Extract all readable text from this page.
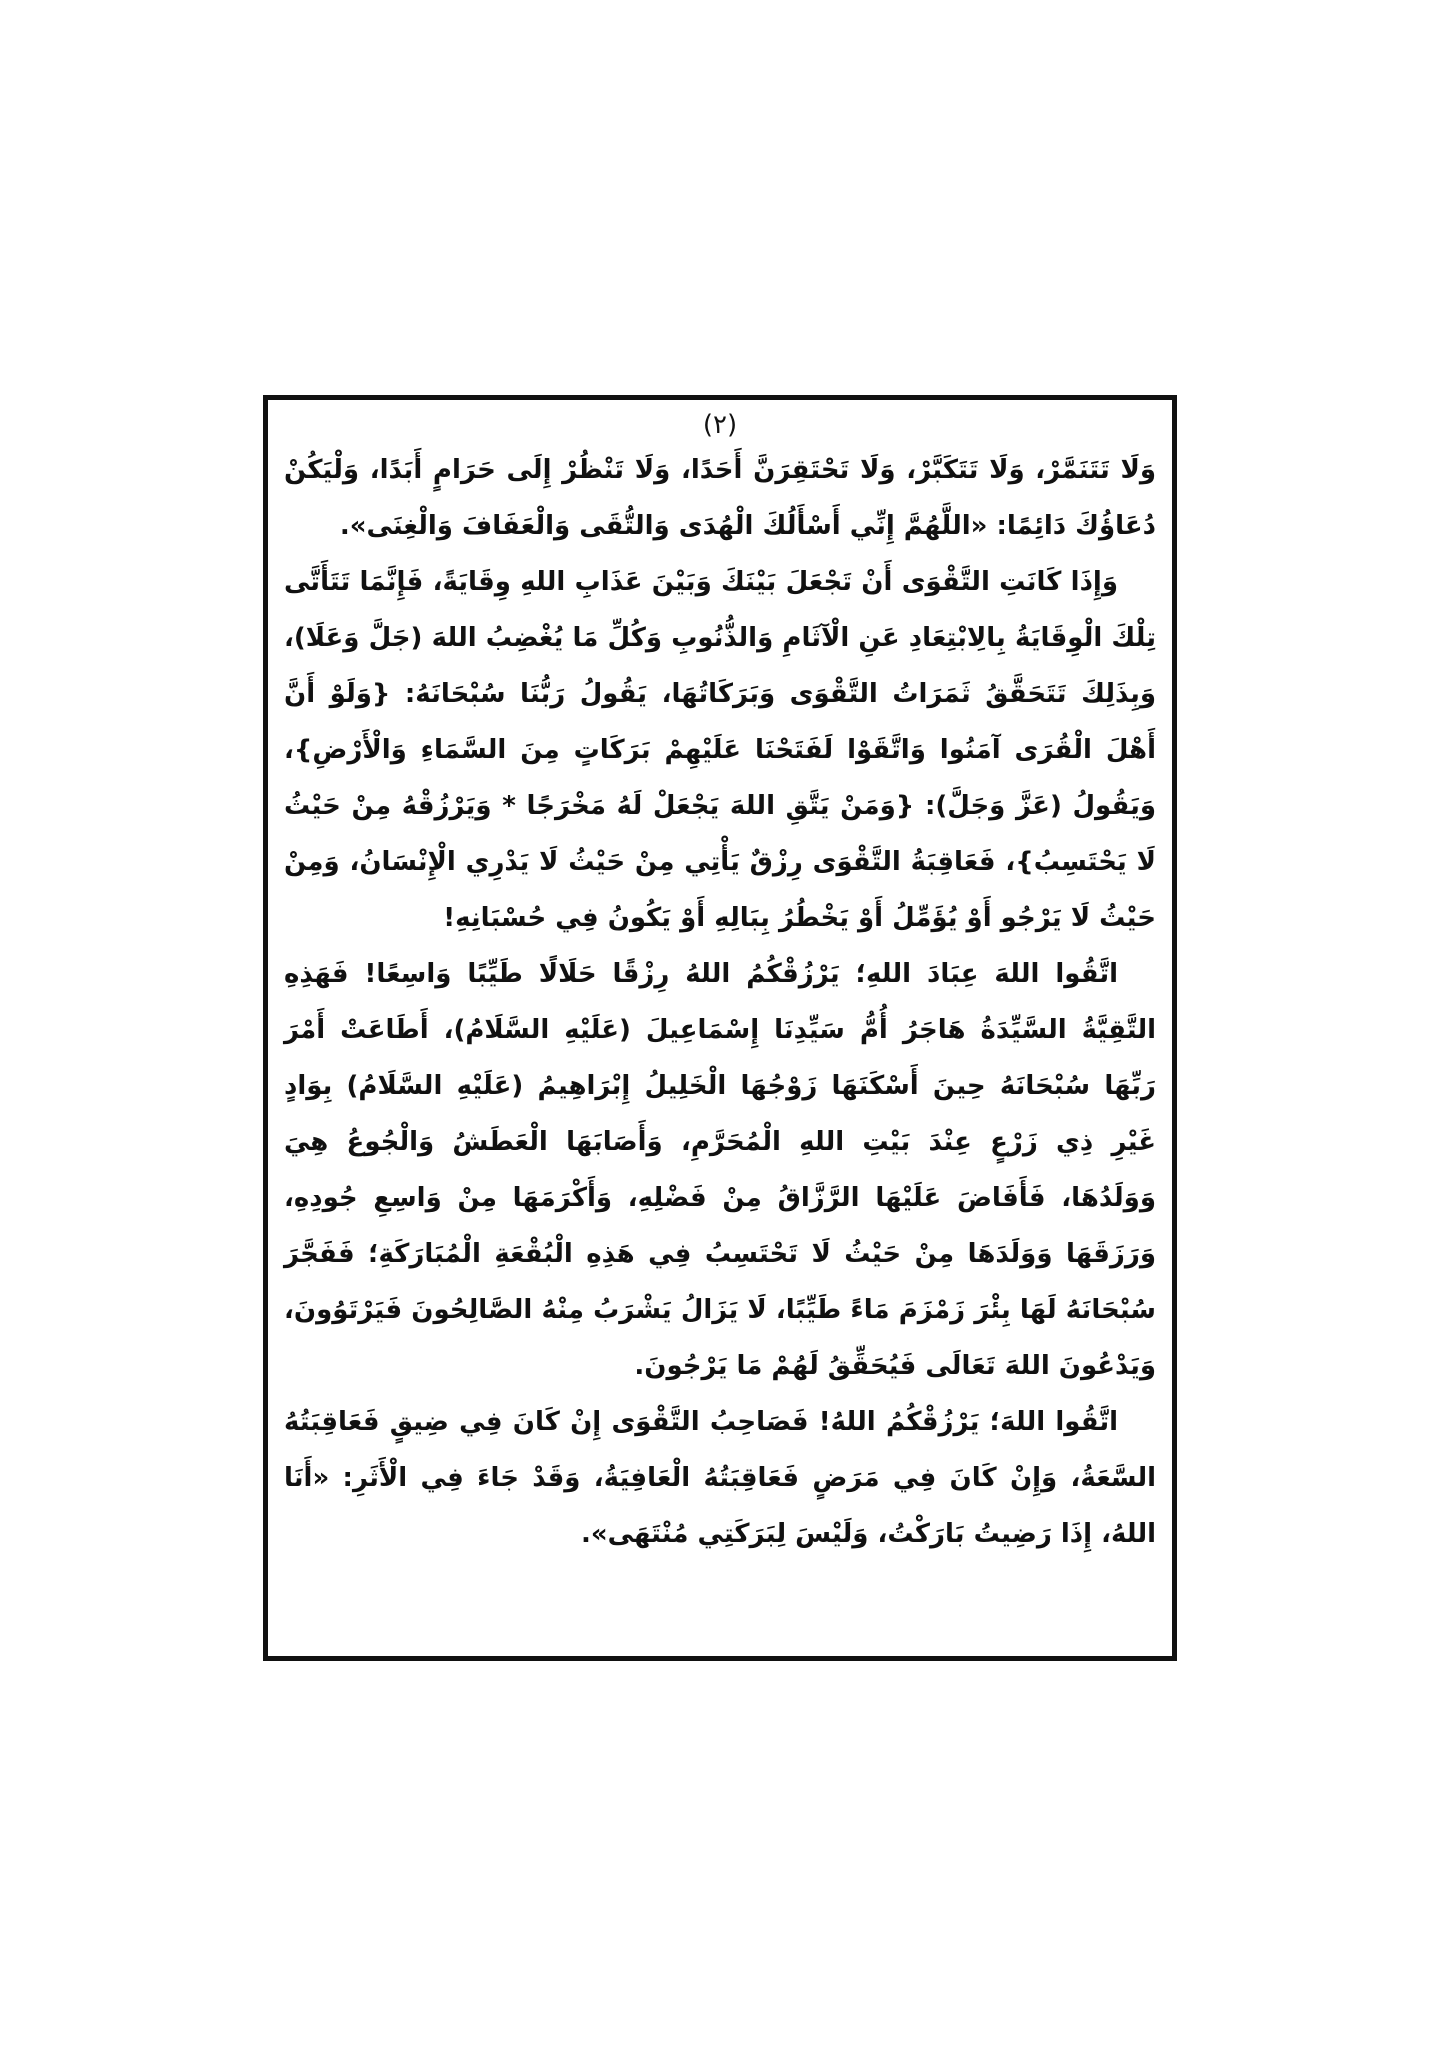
(٢)

وَلَا تَتَنَمَّرْ، وَلَا تَتَكَبَّرْ، وَلَا تَحْتَقِرَنَّ أَحَدًا، وَلَا تَنْظُرْ إِلَى حَرَامٍ أَبَدًا، وَلْيَكُنْ دُعَاؤُكَ دَائِمًا: «اللَّهُمَّ إِنِّي أَسْأَلُكَ الْهُدَى وَالتُّقَى وَالْعَفَافَ وَالْغِنَى».

وَإِذَا كَانَتِ التَّقْوَى أَنْ تَجْعَلَ بَيْنَكَ وَبَيْنَ عَذَابِ اللهِ وِقَايَةً، فَإِنَّمَا تَتَأَتَّى تِلْكَ الْوِقَايَةُ بِالِابْتِعَادِ عَنِ الْآثَامِ وَالذُّنُوبِ وَكُلِّ مَا يُغْضِبُ اللهَ (جَلَّ وَعَلَا)، وَبِذَلِكَ تَتَحَقَّقُ ثَمَرَاتُ التَّقْوَى وَبَرَكَاتُهَا، يَقُولُ رَبُّنَا سُبْحَانَهُ: {وَلَوْ أَنَّ أَهْلَ الْقُرَى آمَنُوا وَاتَّقَوْا لَفَتَحْنَا عَلَيْهِمْ بَرَكَاتٍ مِنَ السَّمَاءِ وَالْأَرْضِ}، وَيَقُولُ (عَزَّ وَجَلَّ): {وَمَنْ يَتَّقِ اللهَ يَجْعَلْ لَهُ مَخْرَجًا * وَيَرْزُقْهُ مِنْ حَيْثُ لَا يَحْتَسِبُ}، فَعَاقِبَةُ التَّقْوَى رِزْقٌ يَأْتِي مِنْ حَيْثُ لَا يَدْرِي الْإِنْسَانُ، وَمِنْ حَيْثُ لَا يَرْجُو أَوْ يُؤَمِّلُ أَوْ يَخْطُرُ بِبَالِهِ أَوْ يَكُونُ فِي حُسْبَانِهِ!

اتَّقُوا اللهَ عِبَادَ اللهِ؛ يَرْزُقْكُمُ اللهُ رِزْقًا حَلَالًا طَيِّبًا وَاسِعًا! فَهَذِهِ التَّقِيَّةُ السَّيِّدَةُ هَاجَرُ أُمُّ سَيِّدِنَا إِسْمَاعِيلَ (عَلَيْهِ السَّلَامُ)، أَطَاعَتْ أَمْرَ رَبِّهَا سُبْحَانَهُ حِينَ أَسْكَنَهَا زَوْجُهَا الْخَلِيلُ إِبْرَاهِيمُ (عَلَيْهِ السَّلَامُ) بِوَادٍ غَيْرِ ذِي زَرْعٍ عِنْدَ بَيْتِ اللهِ الْمُحَرَّمِ، وَأَصَابَهَا الْعَطَشُ وَالْجُوعُ هِيَ وَوَلَدُهَا، فَأَفَاضَ عَلَيْهَا الرَّزَّاقُ مِنْ فَضْلِهِ، وَأَكْرَمَهَا مِنْ وَاسِعِ جُودِهِ، وَرَزَقَهَا وَوَلَدَهَا مِنْ حَيْثُ لَا تَحْتَسِبُ فِي هَذِهِ الْبُقْعَةِ الْمُبَارَكَةِ؛ فَفَجَّرَ سُبْحَانَهُ لَهَا بِئْرَ زَمْزَمَ مَاءً طَيِّبًا، لَا يَزَالُ يَشْرَبُ مِنْهُ الصَّالِحُونَ فَيَرْتَوُونَ، وَيَدْعُونَ اللهَ تَعَالَى فَيُحَقِّقُ لَهُمْ مَا يَرْجُونَ.

اتَّقُوا اللهَ؛ يَرْزُقْكُمُ اللهُ! فَصَاحِبُ التَّقْوَى إِنْ كَانَ فِي ضِيقٍ فَعَاقِبَتُهُ السَّعَةُ، وَإِنْ كَانَ فِي مَرَضٍ فَعَاقِبَتُهُ الْعَافِيَةُ، وَقَدْ جَاءَ فِي الْأَثَرِ: «أَنَا اللهُ، إِذَا رَضِيتُ بَارَكْتُ، وَلَيْسَ لِبَرَكَتِي مُنْتَهَى».
